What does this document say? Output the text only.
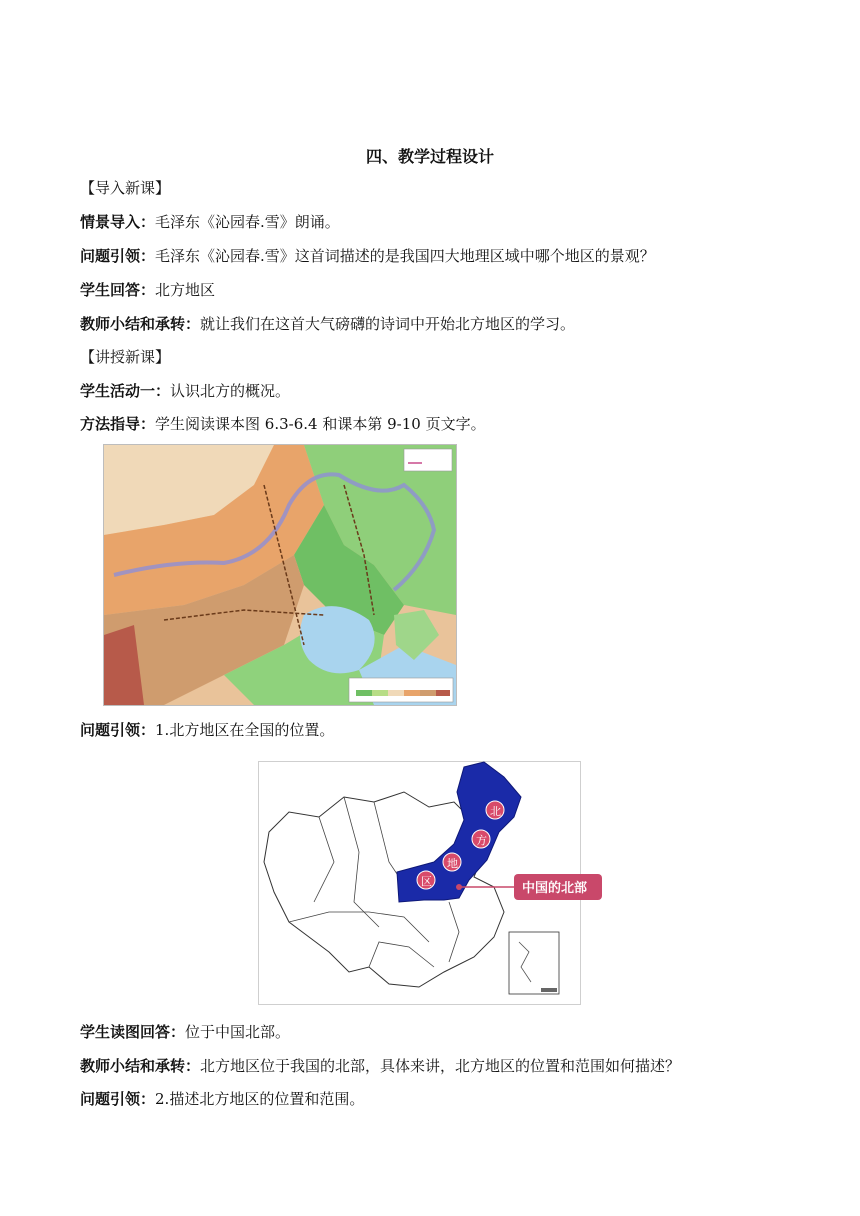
四、教学过程设计
【导入新课】
情景导入：毛泽东《沁园春.雪》朗诵。
问题引领：毛泽东《沁园春.雪》这首词描述的是我国四大地理区域中哪个地区的景观？
学生回答：北方地区
教师小结和承转：就让我们在这首大气磅礴的诗词中开始北方地区的学习。
【讲授新课】
学生活动一：认识北方的概况。
方法指导：学生阅读课本图 6.3-6.4 和课本第 9-10 页文字。
问题引领：1.北方地区在全国的位置。
中国的北部
北
方
地
区
学生读图回答：位于中国北部。
教师小结和承转：北方地区位于我国的北部，具体来讲，北方地区的位置和范围如何描述？
问题引领：2.描述北方地区的位置和范围。
